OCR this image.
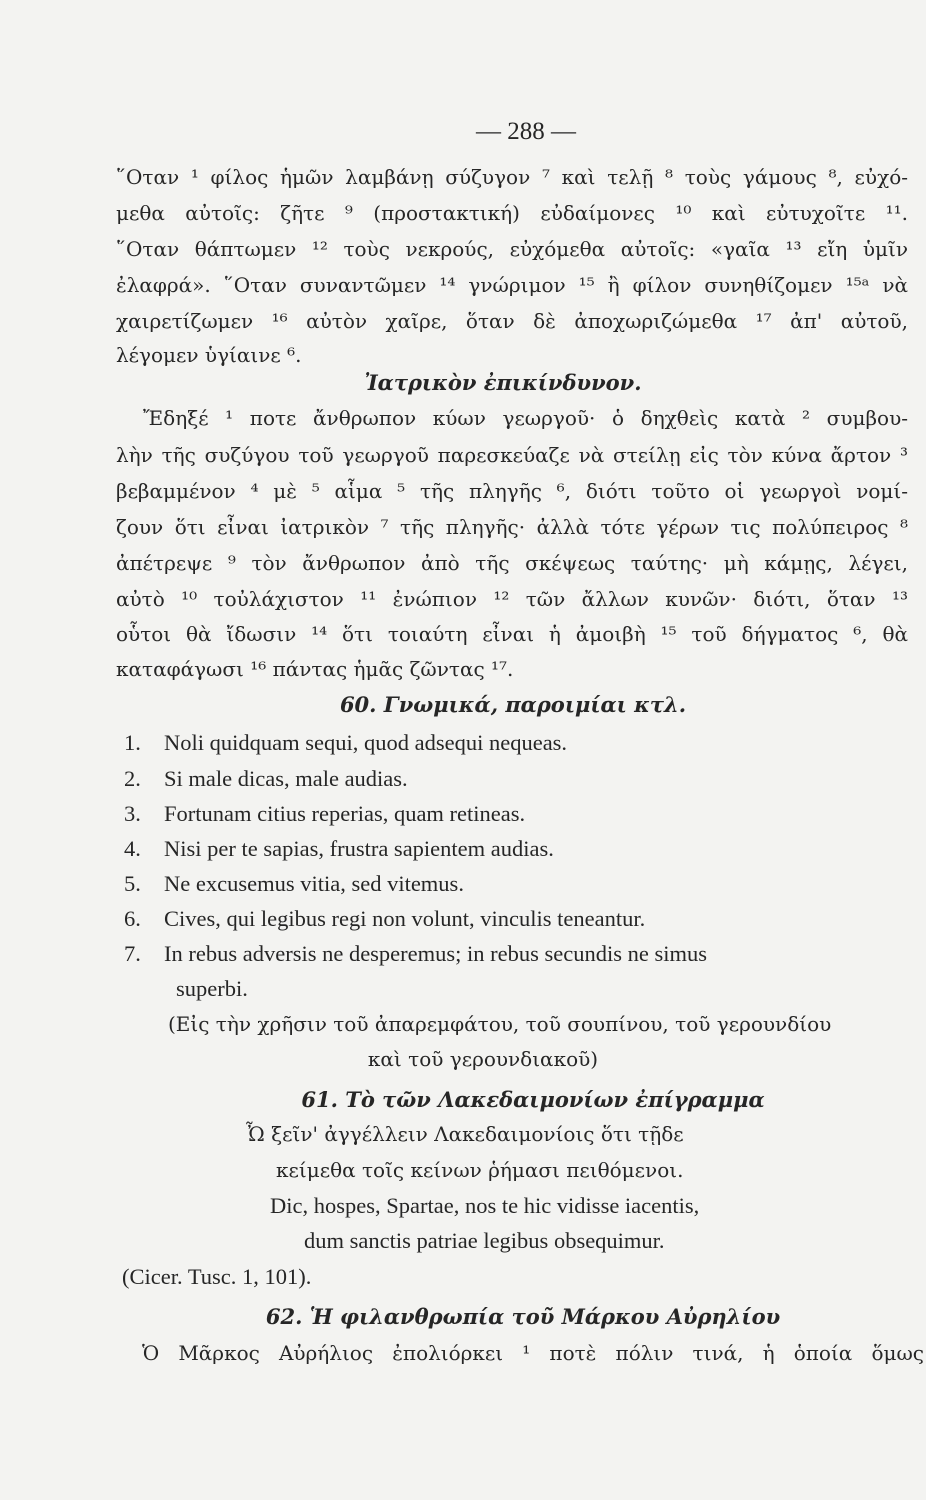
— 288 —
῞Οταν ¹ φίλος ἡμῶν λαμβάνῃ σύζυγον ⁷ καὶ τελῇ ⁸ τοὺς γάμους ⁸, εὐχό-
μεθα αὐτοῖς: ζῆτε ⁹ (προστακτική) εὐδαίμονες ¹⁰ καὶ εὐτυχοῖτε ¹¹.
῞Οταν θάπτωμεν ¹² τοὺς νεκρούς, εὐχόμεθα αὐτοῖς: «γαῖα ¹³ εἴη ὑμῖν
ἐλαφρά». ῞Οταν συναντῶμεν ¹⁴ γνώριμον ¹⁵ ἢ φίλον συνηθίζομεν ¹⁵ᵃ νὰ
χαιρετίζωμεν ¹⁶ αὐτὸν χαῖρε, ὅταν δὲ ἀποχωριζώμεθα ¹⁷ ἀπ' αὐτοῦ,
λέγομεν ὑγίαινε ⁶.
Ἰατρικὸν ἐπικίνδυνον.
Ἔδηξέ ¹ ποτε ἄνθρωπον κύων γεωργοῦ· ὁ δηχθεὶς κατὰ ² συμβου-
λὴν τῆς συζύγου τοῦ γεωργοῦ παρεσκεύαζε νὰ στείλῃ εἰς τὸν κύνα ἄρτον ³
βεβαμμένον ⁴ μὲ ⁵ αἷμα ⁵ τῆς πληγῆς ⁶, διότι τοῦτο οἱ γεωργοὶ νομί-
ζουν ὅτι εἶναι ἰατρικὸν ⁷ τῆς πληγῆς· ἀλλὰ τότε γέρων τις πολύπειρος ⁸
ἀπέτρεψε ⁹ τὸν ἄνθρωπον ἀπὸ τῆς σκέψεως ταύτης· μὴ κάμῃς, λέγει,
αὐτὸ ¹⁰ τοὐλάχιστον ¹¹ ἐνώπιον ¹² τῶν ἄλλων κυνῶν· διότι, ὅταν ¹³
οὗτοι θὰ ἴδωσιν ¹⁴ ὅτι τοιαύτη εἶναι ἡ ἀμοιβὴ ¹⁵ τοῦ δήγματος ⁶, θὰ
καταφάγωσι ¹⁶ πάντας ἡμᾶς ζῶντας ¹⁷.
60. Γνωμικά, παροιμίαι κτλ.
1. Noli quidquam sequi, quod adsequi nequeas.
2. Si male dicas, male audias.
3. Fortunam citius reperias, quam retineas.
4. Nisi per te sapias, frustra sapientem audias.
5. Ne excusemus vitia, sed vitemus.
6. Cives, qui legibus regi non volunt, vinculis teneantur.
7. In rebus adversis ne desperemus; in rebus secundis ne simus
superbi.
(Εἰς τὴν χρῆσιν τοῦ ἀπαρεμφάτου, τοῦ σουπίνου, τοῦ γερουνδίου
καὶ τοῦ γερουνδιακοῦ)
61. Τὸ τῶν Λακεδαιμονίων ἐπίγραμμα
Ὦ ξεῖν' ἀγγέλλειν Λακεδαιμονίοις ὅτι τῇδε
κείμεθα τοῖς κείνων ῥήμασι πειθόμενοι.
Dic, hospes, Spartae, nos te hic vidisse iacentis,
dum sanctis patriae legibus obsequimur.
(Cicer. Tusc. 1, 101).
62. Ἡ φιλανθρωπία τοῦ Μάρκου Αὐρηλίου
Ὁ Μᾶρκος Αὐρήλιος ἐπολιόρκει ¹ ποτὲ πόλιν τινά, ἡ ὁποία ὅμως
